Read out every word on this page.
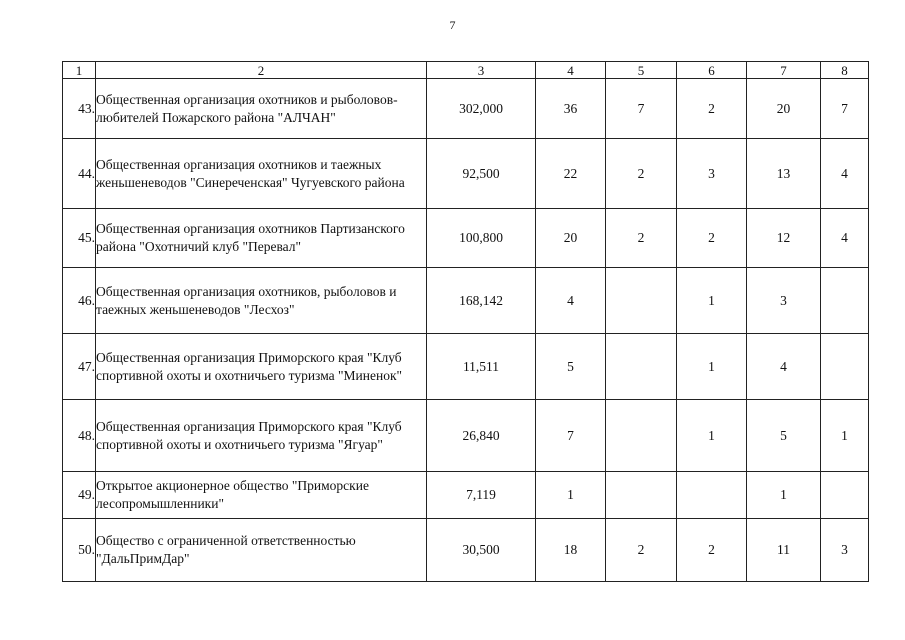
7
1	2	3	4	5	6	7	8
43.	Общественная организация охотников и рыболовов-любителей Пожарского района "АЛЧАН"	302,000	36	7	2	20	7
44.	Общественная организация охотников и таежных женьшеневодов "Синереченская" Чугуевского района	92,500	22	2	3	13	4
45.	Общественная организация охотников Партизанского района "Охотничий клуб "Перевал"	100,800	20	2	2	12	4
46.	Общественная организация охотников, рыболовов и таежных женьшеневодов "Лесхоз"	168,142	4		1	3	
47.	Общественная организация Приморского края "Клуб спортивной охоты и охотничьего туризма "Миненок"	11,511	5		1	4	
48.	Общественная организация Приморского края "Клуб спортивной охоты и охотничьего туризма "Ягуар"	26,840	7		1	5	1
49.	Открытое акционерное общество "Приморские лесопромышленники"	7,119	1			1	
50.	Общество с ограниченной ответственностью "ДальПримДар"	30,500	18	2	2	11	3
